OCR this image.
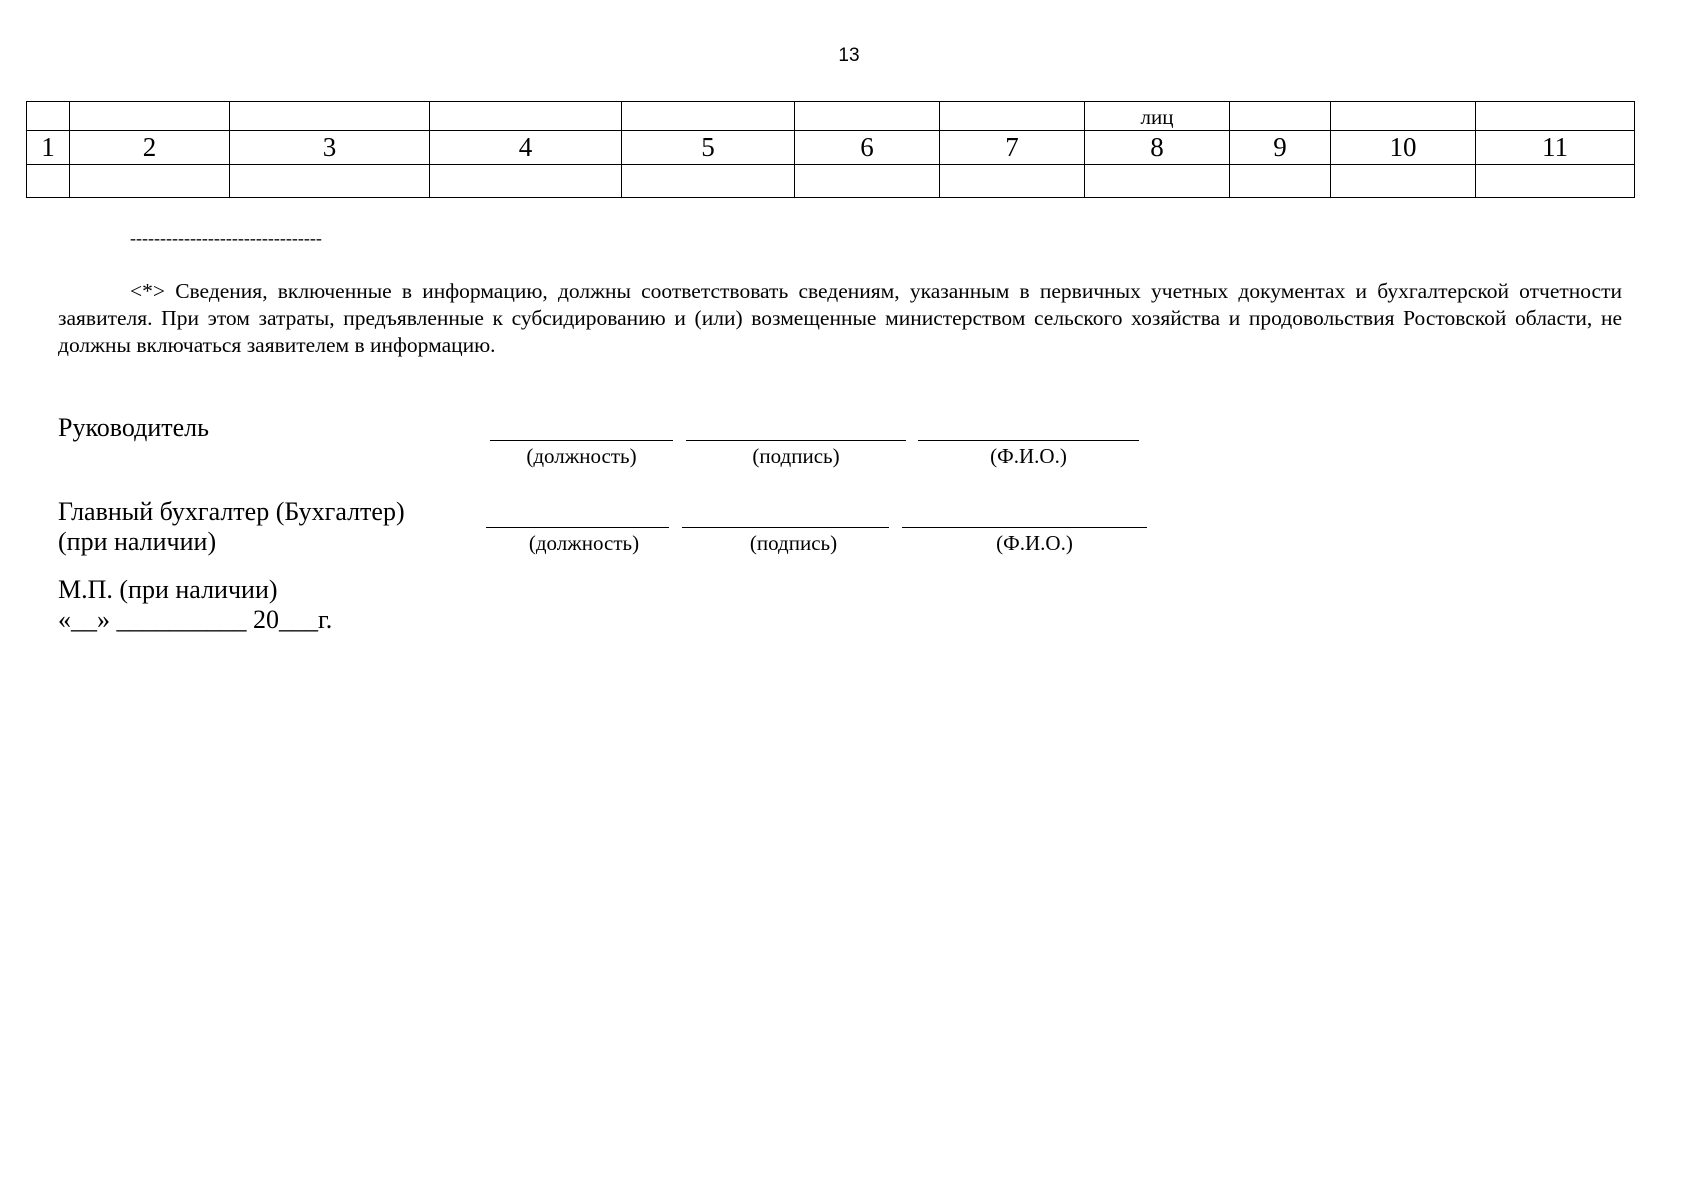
13
							лиц			
1	2	3	4	5	6	7	8	9	10	11

--------------------------------
<*> Сведения, включенные в информацию, должны соответствовать сведениям, указанным в первичных учетных документах и бухгалтерской отчетности заявителя. При этом затраты, предъявленные к субсидированию и (или) возмещенные министерством сельского хозяйства и продовольствия Ростовской области, не должны включаться заявителем в информацию.
Руководитель
(должность)	(подпись)	(Ф.И.О.)
Главный бухгалтер (Бухгалтер)
(при наличии)	(должность)	(подпись)	(Ф.И.О.)
М.П. (при наличии)
«__» __________ 20___г.
